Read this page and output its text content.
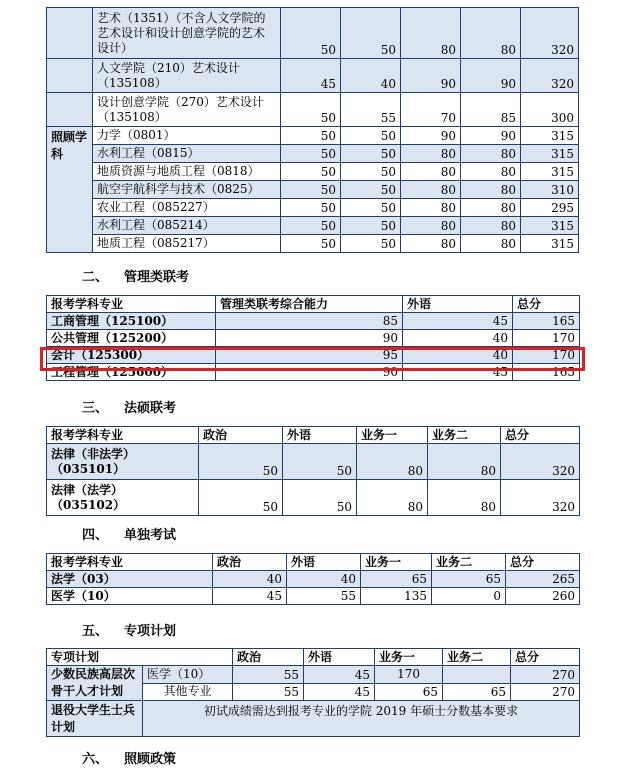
	艺术（1351）（不含人文学院的艺术设计和设计创意学院的艺术设计）	50	50	80	80	320
	人文学院（210）艺术设计（135108）	45	40	90	90	320
	设计创意学院（270）艺术设计（135108）	50	55	70	85	300
照顾学科	力学（0801）	50	50	90	90	315
	水利工程（0815）	50	50	80	80	315
	地质资源与地质工程（0818）	50	50	80	80	315
	航空宇航科学与技术（0825）	50	50	80	80	310
	农业工程（085227）	50	50	80	80	295
	水利工程（085214）	50	50	80	80	315
	地质工程（085217）	50	50	80	80	315
二、 管理类联考
报考学科专业	管理类联考综合能力	外语	总分
工商管理（125100）	85	45	165
公共管理（125200）	90	40	170
会计（125300）	95	40	170
工程管理（125600）	90	45	165
三、 法硕联考
报考学科专业	政治	外语	业务一	业务二	总分

法律（非法学）
（035101）	50	50	80	80	320

法律（法学）
（035102）	50	50	80	80	320
四、 单独考试
报考学科专业	政治	外语	业务一	业务二	总分
法学（03）	40	40	65	65	265
医学（10）	45	55	135	0	260
五、 专项计划
专项计划		政治	外语	业务一	业务二	总分

少数民族高层次
骨干人才计划	医学（10）	55	45	170		270
	其他专业	55	45	65	65	270

退役大学生士兵
计划	初试成绩需达到报考专业的学院 2019 年硕士分数基本要求					
六、 照顾政策
